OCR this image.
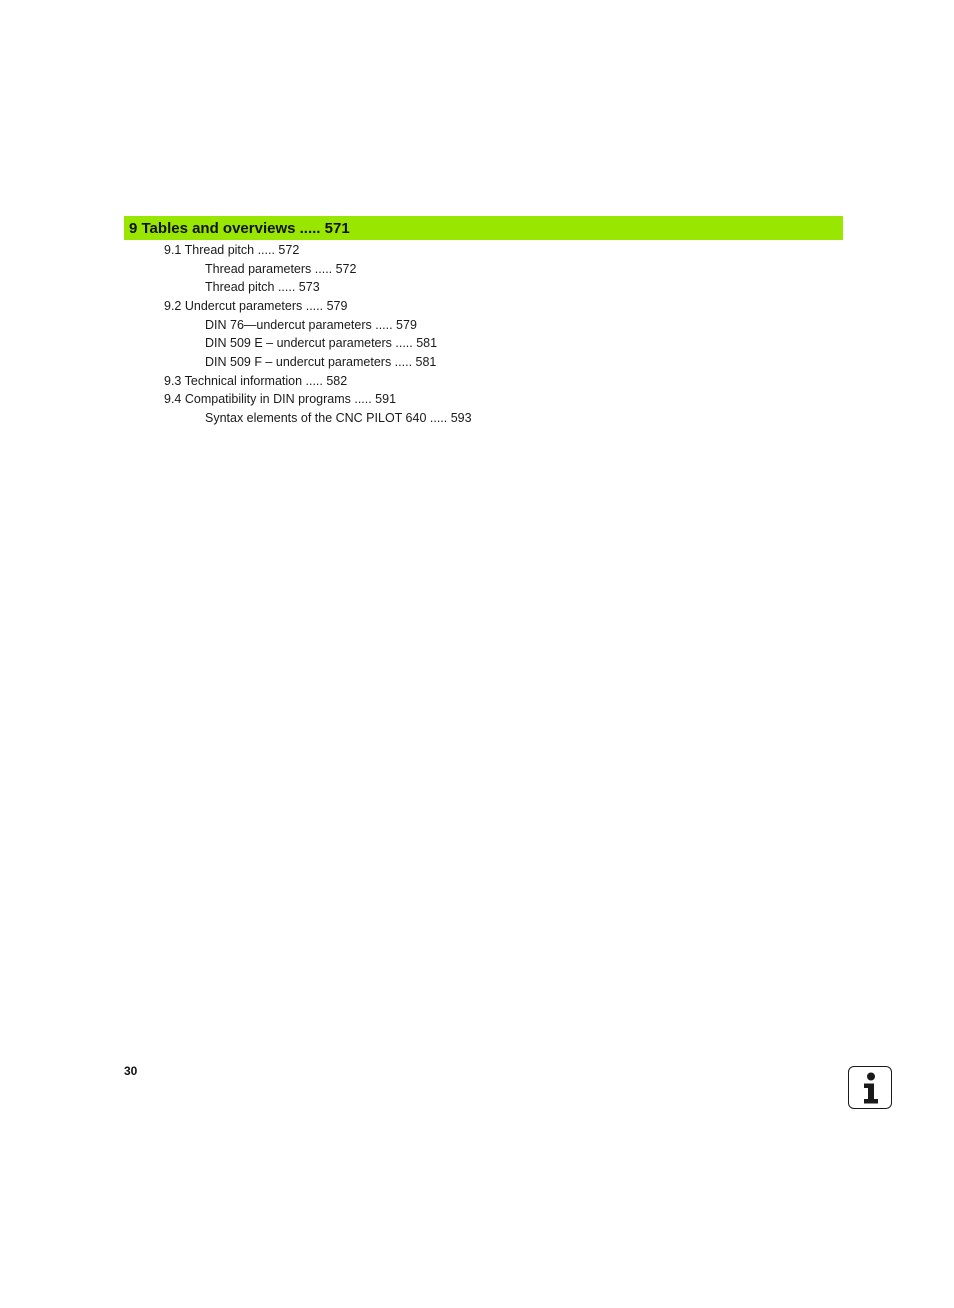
9 Tables and overviews ..... 571
9.1 Thread pitch ..... 572
Thread parameters ..... 572
Thread pitch ..... 573
9.2 Undercut parameters ..... 579
DIN 76—undercut parameters ..... 579
DIN 509 E – undercut parameters ..... 581
DIN 509 F – undercut parameters ..... 581
9.3 Technical information ..... 582
9.4 Compatibility in DIN programs ..... 591
Syntax elements of the CNC PILOT 640 ..... 593
30
